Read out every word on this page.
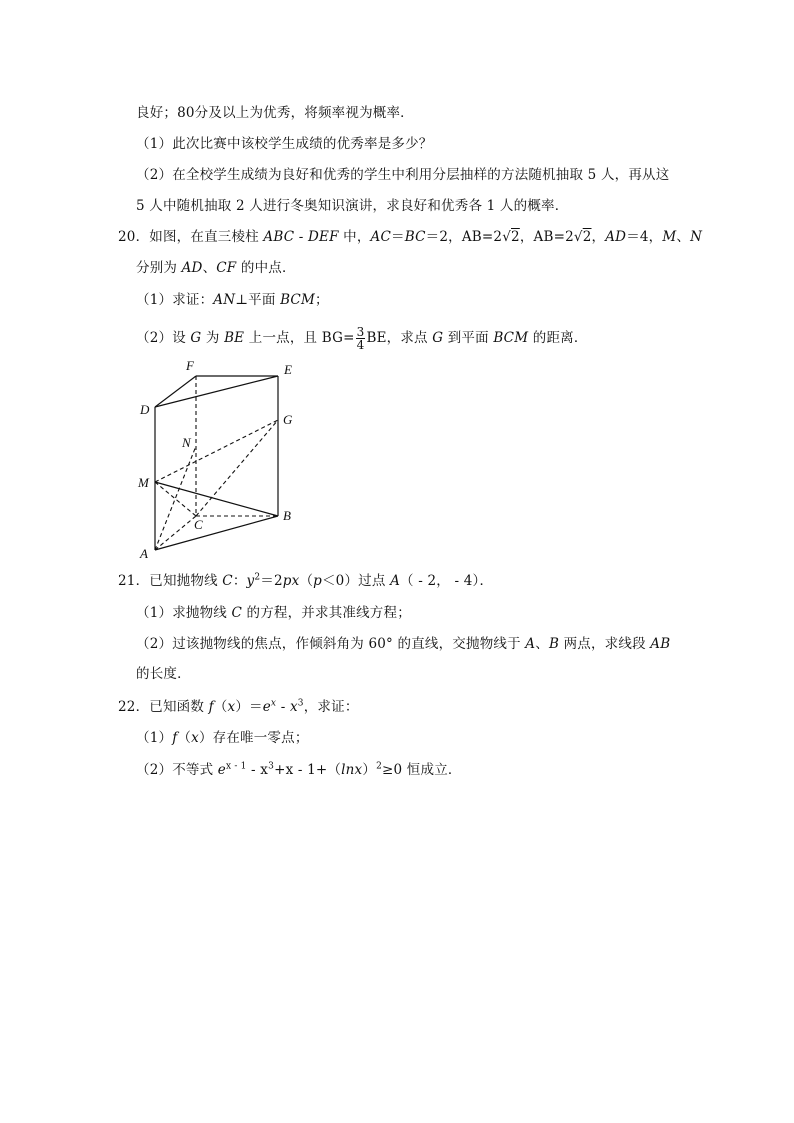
良好；80分及以上为优秀，将频率视为概率．
（1）此次比赛中该校学生成绩的优秀率是多少？
（2）在全校学生成绩为良好和优秀的学生中利用分层抽样的方法随机抽取 5 人，再从这
5 人中随机抽取 2 人进行冬奥知识演讲，求良好和优秀各 1 人的概率．
20．如图，在直三棱柱 ABC - DEF 中，AC＝BC＝2，AB=2√2，AB=2√2，AD＝4，M、N
分别为 AD、CF 的中点．
（1）求证：AN⊥平面 BCM；
（2）设 G 为 BE 上一点，且 $BG= \frac{3}{4}$ BE，求点 G 到平面 BCM 的距离．
F	E
D
G
N
M
C
B
A
21．已知抛物线 C：$y^2=2px(p<0)$过点 A（ - 2， - 4）．
（1）求抛物线 C 的方程，并求其准线方程；
（2）过该抛物线的焦点，作倾斜角为 60° 的直线，交抛物线于 A、B 两点，求线段 AB
的长度．
22．已知函数 $f(x)=e^x - x^3$，求证：
（1）f（x）存在唯一零点；
（2）不等式 $e^{x - 1} - x^3+x - 1+(\ln x)^2\ge 0$ 恒成立．
